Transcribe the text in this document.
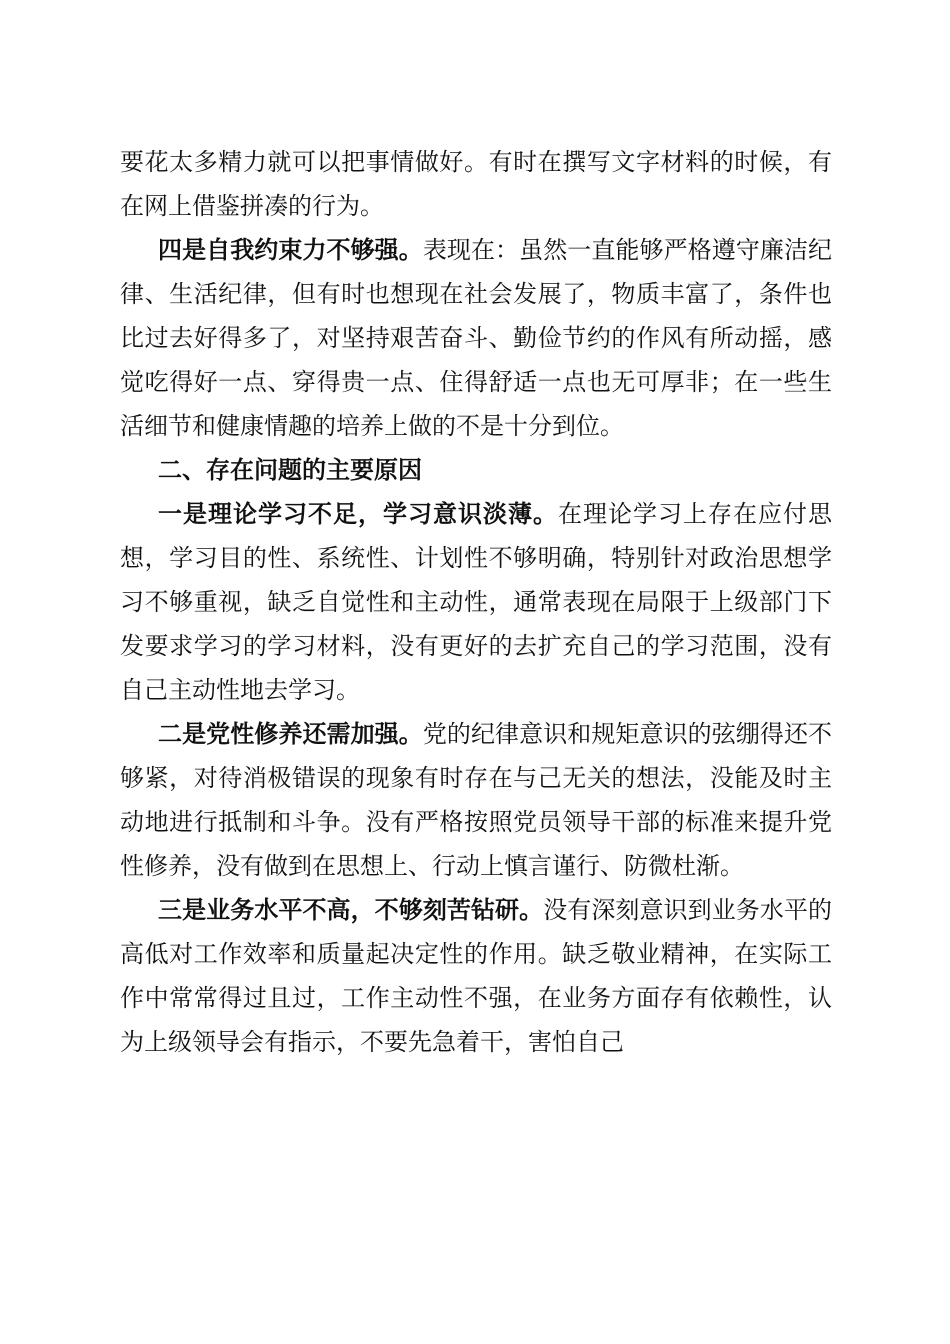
要花太多精力就可以把事情做好。有时在撰写文字材料的时候，有在网上借鉴拼凑的行为。

四是自我约束力不够强。表现在：虽然一直能够严格遵守廉洁纪律、生活纪律，但有时也想现在社会发展了，物质丰富了，条件也比过去好得多了，对坚持艰苦奋斗、勤俭节约的作风有所动摇，感觉吃得好一点、穿得贵一点、住得舒适一点也无可厚非；在一些生活细节和健康情趣的培养上做的不是十分到位。

二、存在问题的主要原因

一是理论学习不足，学习意识淡薄。在理论学习上存在应付思想，学习目的性、系统性、计划性不够明确，特别针对政治思想学习不够重视，缺乏自觉性和主动性，通常表现在局限于上级部门下发要求学习的学习材料，没有更好的去扩充自己的学习范围，没有自己主动性地去学习。

二是党性修养还需加强。党的纪律意识和规矩意识的弦绷得还不够紧，对待消极错误的现象有时存在与己无关的想法，没能及时主动地进行抵制和斗争。没有严格按照党员领导干部的标准来提升党性修养，没有做到在思想上、行动上慎言谨行、防微杜渐。

三是业务水平不高，不够刻苦钻研。没有深刻意识到业务水平的高低对工作效率和质量起决定性的作用。缺乏敬业精神，在实际工作中常常得过且过，工作主动性不强，在业务方面存有依赖性，认为上级领导会有指示，不要先急着干，害怕自己
